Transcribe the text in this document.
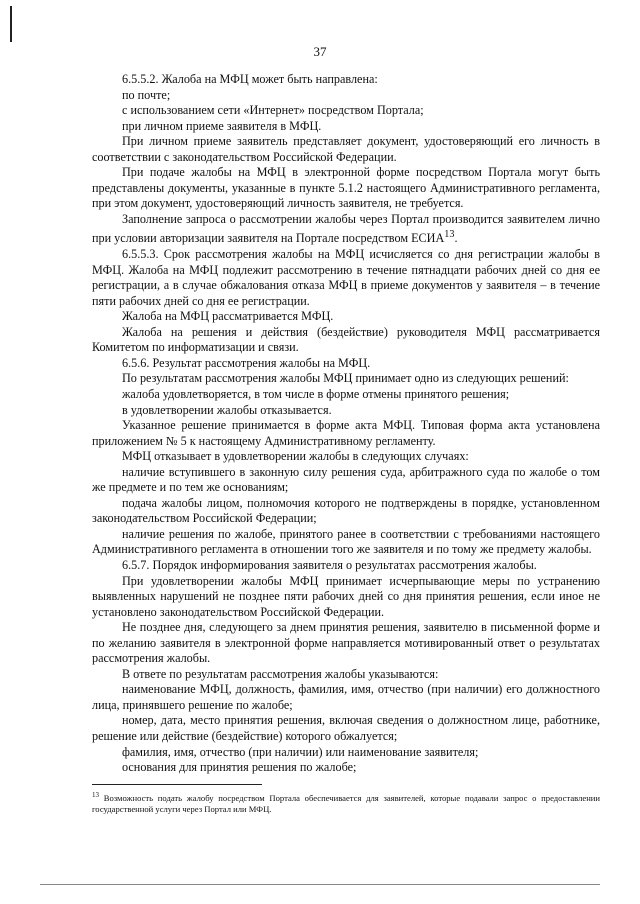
37

6.5.5.2. Жалоба на МФЦ может быть направлена:

по почте;

с использованием сети «Интернет» посредством Портала;

при личном приеме заявителя в МФЦ.

При личном приеме заявитель представляет документ, удостоверяющий его личность в соответствии с законодательством Российской Федерации.

При подаче жалобы на МФЦ в электронной форме посредством Портала могут быть представлены документы, указанные в пункте 5.1.2 настоящего Административного регламента, при этом документ, удостоверяющий личность заявителя, не требуется.

Заполнение запроса о рассмотрении жалобы через Портал производится заявителем лично при условии авторизации заявителя на Портале посредством ЕСИА$^{13}$.

6.5.5.3. Срок рассмотрения жалобы на МФЦ исчисляется со дня регистрации жалобы в МФЦ. Жалоба на МФЦ подлежит рассмотрению в течение пятнадцати рабочих дней со дня ее регистрации, а в случае обжалования отказа МФЦ в приеме документов у заявителя – в течение пяти рабочих дней со дня ее регистрации.

Жалоба на МФЦ рассматривается МФЦ.

Жалоба на решения и действия (бездействие) руководителя МФЦ рассматривается Комитетом по информатизации и связи.

6.5.6. Результат рассмотрения жалобы на МФЦ.

По результатам рассмотрения жалобы МФЦ принимает одно из следующих решений:

жалоба удовлетворяется, в том числе в форме отмены принятого решения;

в удовлетворении жалобы отказывается.

Указанное решение принимается в форме акта МФЦ. Типовая форма акта установлена приложением № 5 к настоящему Административному регламенту.

МФЦ отказывает в удовлетворении жалобы в следующих случаях:

наличие вступившего в законную силу решения суда, арбитражного суда по жалобе о том же предмете и по тем же основаниям;

подача жалобы лицом, полномочия которого не подтверждены в порядке, установленном законодательством Российской Федерации;

наличие решения по жалобе, принятого ранее в соответствии с требованиями настоящего Административного регламента в отношении того же заявителя и по тому же предмету жалобы.

6.5.7. Порядок информирования заявителя о результатах рассмотрения жалобы.

При удовлетворении жалобы МФЦ принимает исчерпывающие меры по устранению выявленных нарушений не позднее пяти рабочих дней со дня принятия решения, если иное не установлено законодательством Российской Федерации.

Не позднее дня, следующего за днем принятия решения, заявителю в письменной форме и по желанию заявителя в электронной форме направляется мотивированный ответ о результатах рассмотрения жалобы.

В ответе по результатам рассмотрения жалобы указываются:

наименование МФЦ, должность, фамилия, имя, отчество (при наличии) его должностного лица, принявшего решение по жалобе;

номер, дата, место принятия решения, включая сведения о должностном лице, работнике, решение или действие (бездействие) которого обжалуется;

фамилия, имя, отчество (при наличии) или наименование заявителя;

основания для принятия решения по жалобе;

$^{13}$ Возможность подать жалобу посредством Портала обеспечивается для заявителей, которые подавали запрос о предоставлении государственной услуги через Портал или МФЦ.
